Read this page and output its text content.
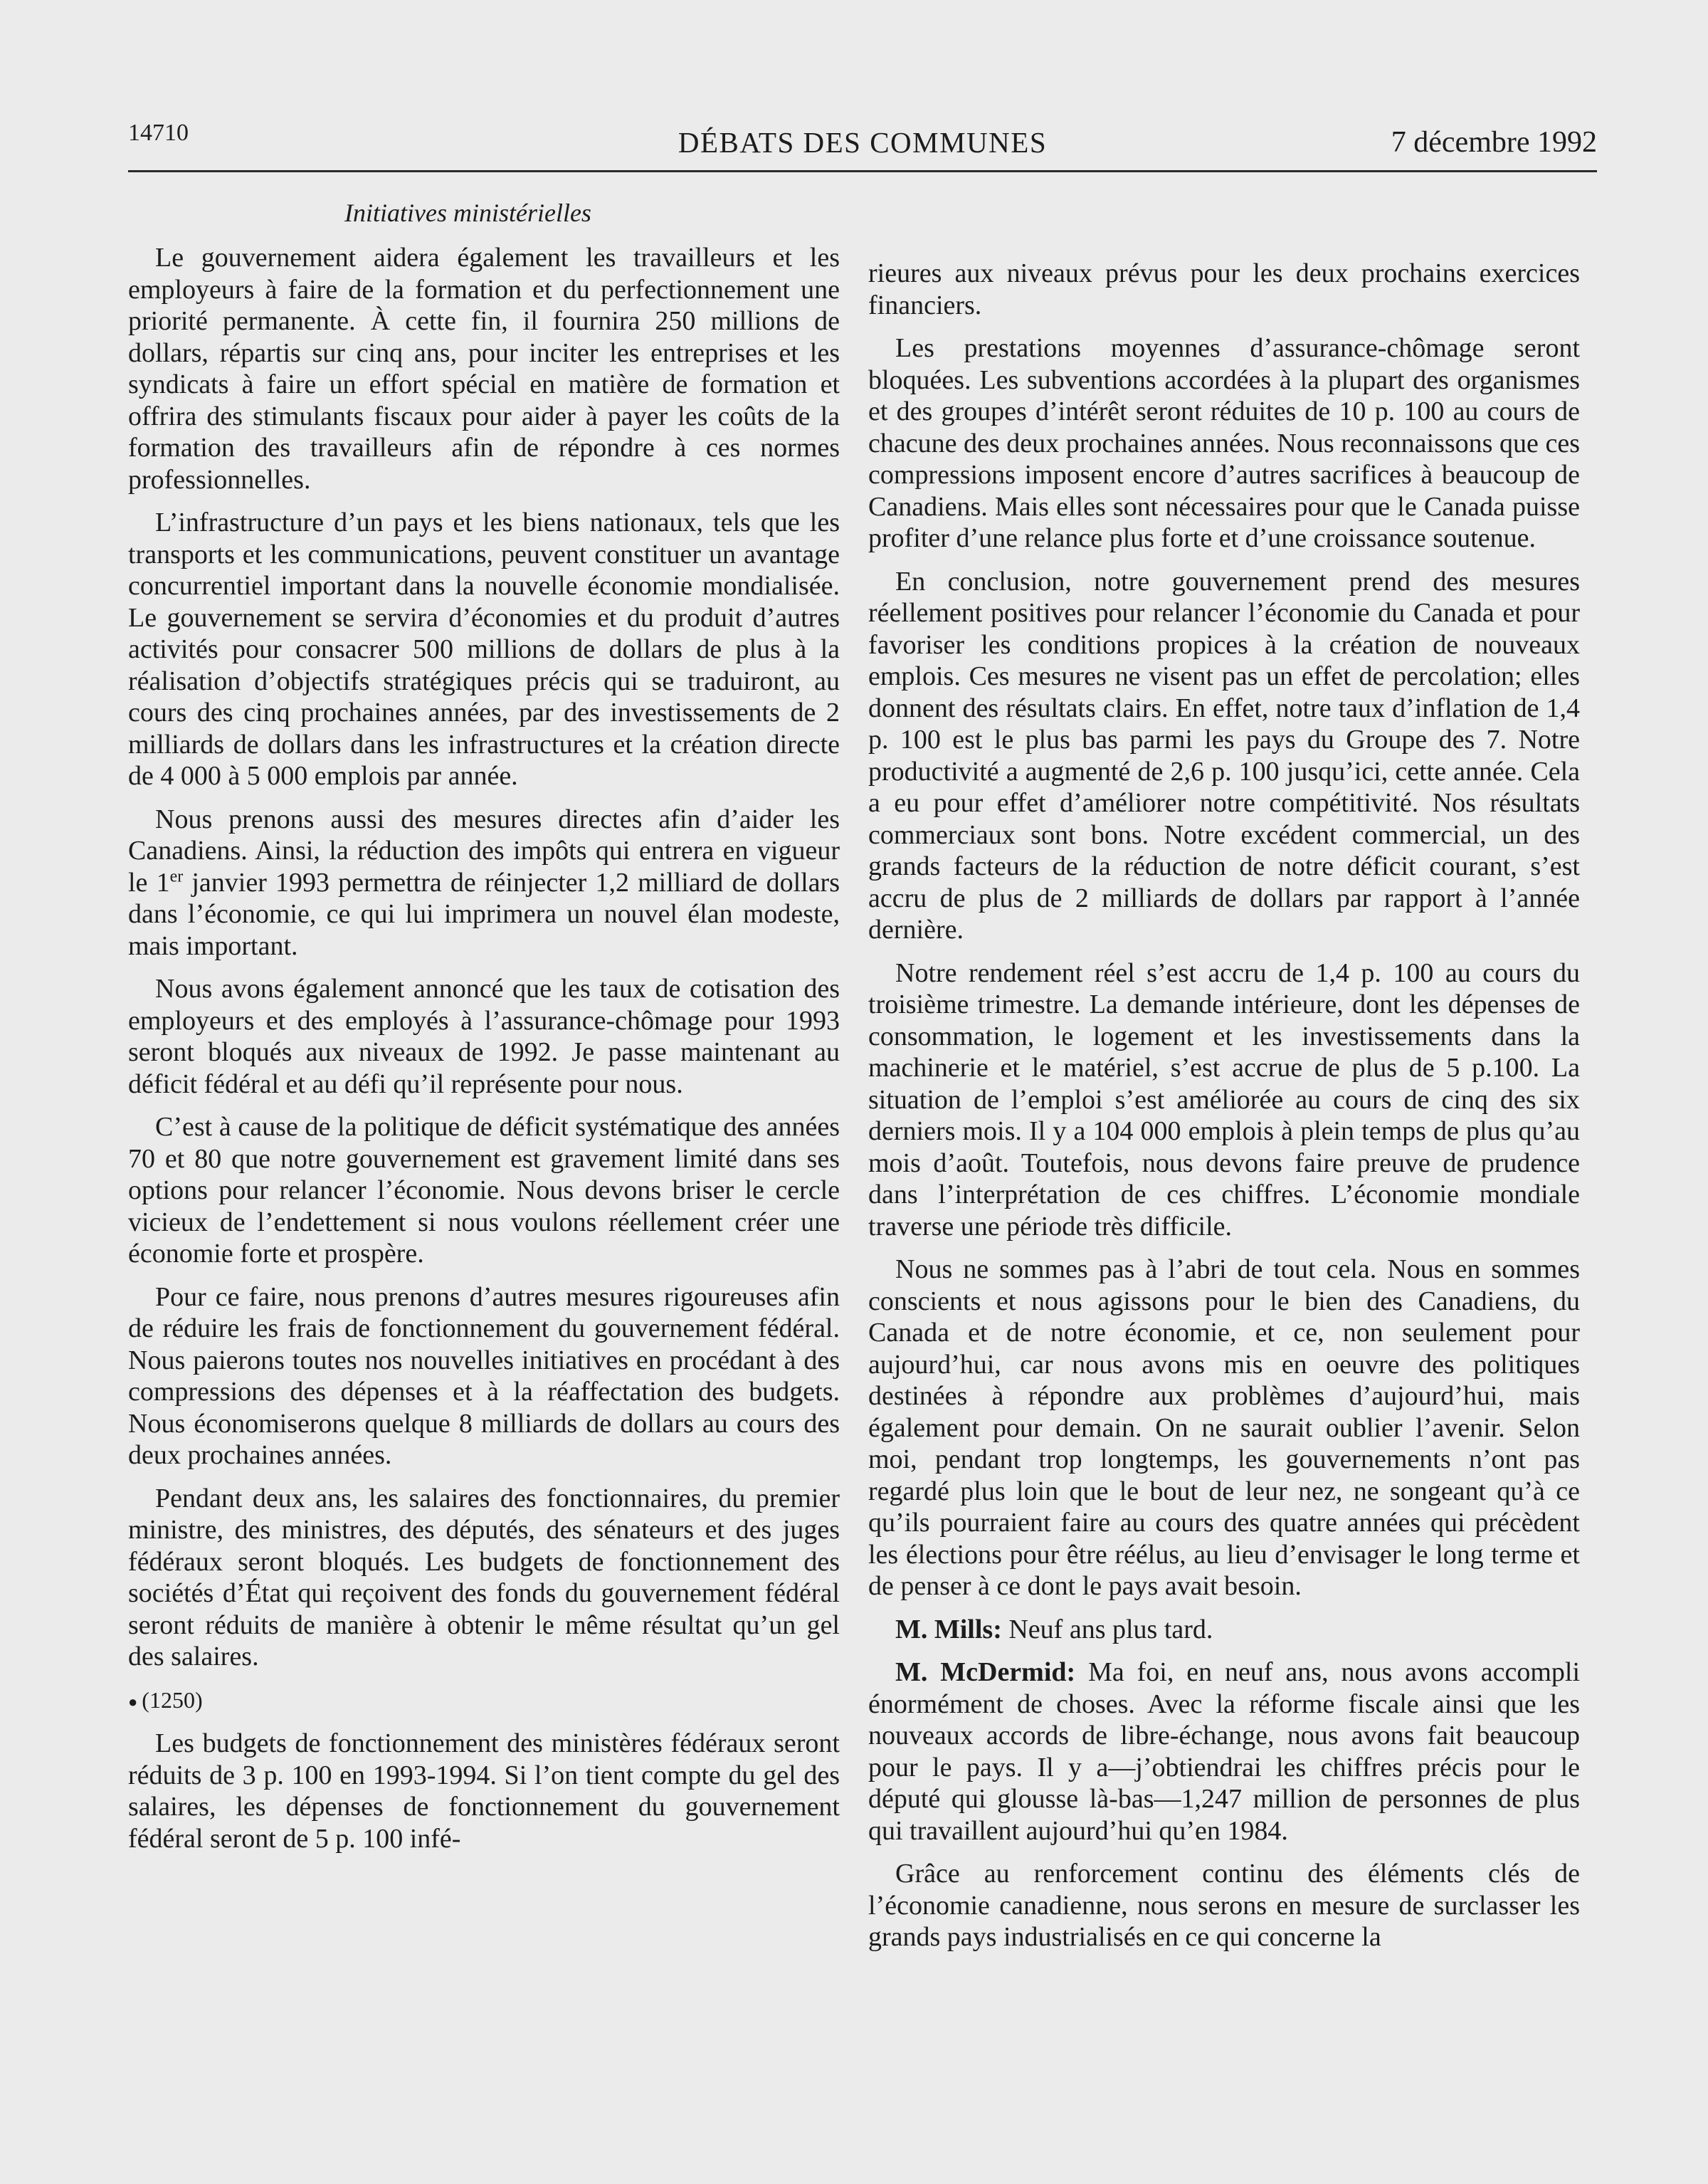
14710	DÉBATS DES COMMUNES	7 décembre 1992
Initiatives ministérielles

Le gouvernement aidera également les travailleurs et les employeurs à faire de la formation et du perfectionnement une priorité permanente. À cette fin, il fournira 250 millions de dollars, répartis sur cinq ans, pour inciter les entreprises et les syndicats à faire un effort spécial en matière de formation et offrira des stimulants fiscaux pour aider à payer les coûts de la formation des travailleurs afin de répondre à ces normes professionnelles.

L’infrastructure d’un pays et les biens nationaux, tels que les transports et les communications, peuvent constituer un avantage concurrentiel important dans la nouvelle économie mondialisée. Le gouvernement se servira d’économies et du produit d’autres activités pour consacrer 500 millions de dollars de plus à la réalisation d’objectifs stratégiques précis qui se traduiront, au cours des cinq prochaines années, par des investissements de 2 milliards de dollars dans les infrastructures et la création directe de 4 000 à 5 000 emplois par année.

Nous prenons aussi des mesures directes afin d’aider les Canadiens. Ainsi, la réduction des impôts qui entrera en vigueur le 1er janvier 1993 permettra de réinjecter 1,2 milliard de dollars dans l’économie, ce qui lui imprimera un nouvel élan modeste, mais important.

Nous avons également annoncé que les taux de cotisation des employeurs et des employés à l’assurance-chômage pour 1993 seront bloqués aux niveaux de 1992. Je passe maintenant au déficit fédéral et au défi qu’il représente pour nous.

C’est à cause de la politique de déficit systématique des années 70 et 80 que notre gouvernement est gravement limité dans ses options pour relancer l’économie. Nous devons briser le cercle vicieux de l’endettement si nous voulons réellement créer une économie forte et prospère.

Pour ce faire, nous prenons d’autres mesures rigoureuses afin de réduire les frais de fonctionnement du gouvernement fédéral. Nous paierons toutes nos nouvelles initiatives en procédant à des compressions des dépenses et à la réaffectation des budgets. Nous économiserons quelque 8 milliards de dollars au cours des deux prochaines années.

Pendant deux ans, les salaires des fonctionnaires, du premier ministre, des ministres, des députés, des sénateurs et des juges fédéraux seront bloqués. Les budgets de fonctionnement des sociétés d’État qui reçoivent des fonds du gouvernement fédéral seront réduits de manière à obtenir le même résultat qu’un gel des salaires.

● (1250)

Les budgets de fonctionnement des ministères fédéraux seront réduits de 3 p. 100 en 1993-1994. Si l’on tient compte du gel des salaires, les dépenses de fonctionnement du gouvernement fédéral seront de 5 p. 100 infé-

rieures aux niveaux prévus pour les deux prochains exercices financiers.

Les prestations moyennes d’assurance-chômage seront bloquées. Les subventions accordées à la plupart des organismes et des groupes d’intérêt seront réduites de 10 p. 100 au cours de chacune des deux prochaines années. Nous reconnaissons que ces compressions imposent encore d’autres sacrifices à beaucoup de Canadiens. Mais elles sont nécessaires pour que le Canada puisse profiter d’une relance plus forte et d’une croissance soutenue.

En conclusion, notre gouvernement prend des mesures réellement positives pour relancer l’économie du Canada et pour favoriser les conditions propices à la création de nouveaux emplois. Ces mesures ne visent pas un effet de percolation; elles donnent des résultats clairs. En effet, notre taux d’inflation de 1,4 p. 100 est le plus bas parmi les pays du Groupe des 7. Notre productivité a augmenté de 2,6 p. 100 jusqu’ici, cette année. Cela a eu pour effet d’améliorer notre compétitivité. Nos résultats commerciaux sont bons. Notre excédent commercial, un des grands facteurs de la réduction de notre déficit courant, s’est accru de plus de 2 milliards de dollars par rapport à l’année dernière.

Notre rendement réel s’est accru de 1,4 p. 100 au cours du troisième trimestre. La demande intérieure, dont les dépenses de consommation, le logement et les investissements dans la machinerie et le matériel, s’est accrue de plus de 5 p.100. La situation de l’emploi s’est améliorée au cours de cinq des six derniers mois. Il y a 104 000 emplois à plein temps de plus qu’au mois d’août. Toutefois, nous devons faire preuve de prudence dans l’interprétation de ces chiffres. L’économie mondiale traverse une période très difficile.

Nous ne sommes pas à l’abri de tout cela. Nous en sommes conscients et nous agissons pour le bien des Canadiens, du Canada et de notre économie, et ce, non seulement pour aujourd’hui, car nous avons mis en oeuvre des politiques destinées à répondre aux problèmes d’aujourd’hui, mais également pour demain. On ne saurait oublier l’avenir. Selon moi, pendant trop longtemps, les gouvernements n’ont pas regardé plus loin que le bout de leur nez, ne songeant qu’à ce qu’ils pourraient faire au cours des quatre années qui précèdent les élections pour être réélus, au lieu d’envisager le long terme et de penser à ce dont le pays avait besoin.

M. Mills: Neuf ans plus tard.

M. McDermid: Ma foi, en neuf ans, nous avons accompli énormément de choses. Avec la réforme fiscale ainsi que les nouveaux accords de libre-échange, nous avons fait beaucoup pour le pays. Il y a—j’obtiendrai les chiffres précis pour le député qui glousse là-bas—1,247 million de personnes de plus qui travaillent aujourd’hui qu’en 1984.

Grâce au renforcement continu des éléments clés de l’économie canadienne, nous serons en mesure de surclasser les grands pays industrialisés en ce qui concerne la
